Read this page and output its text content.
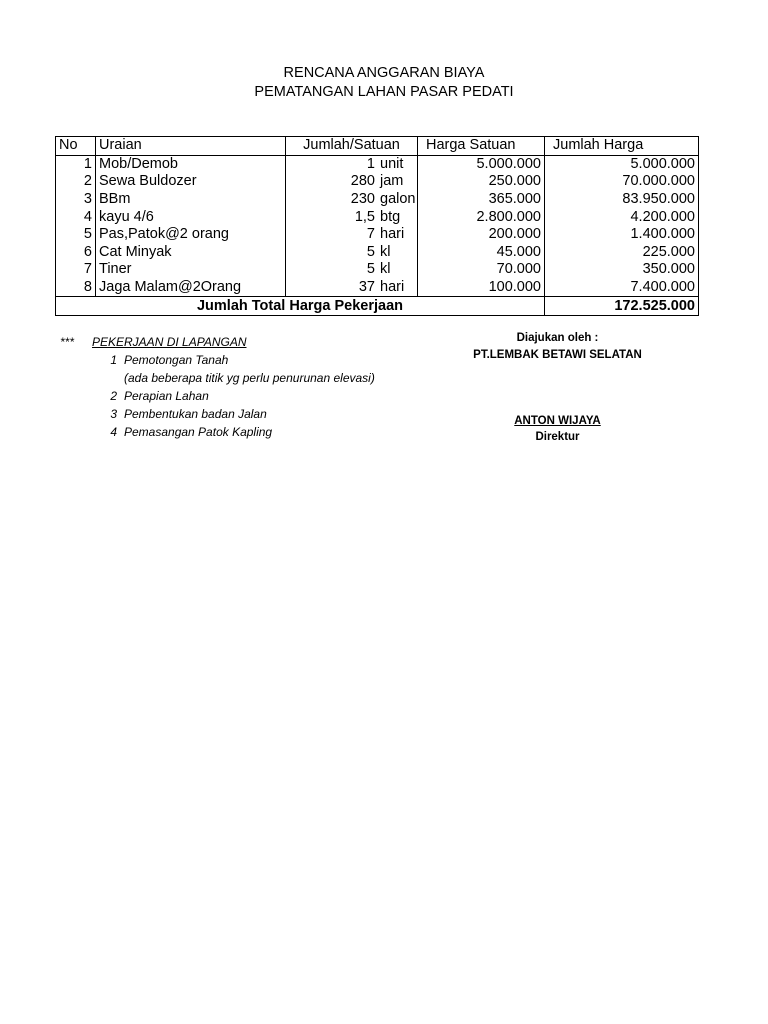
RENCANA ANGGARAN BIAYA
PEMATANGAN LAHAN PASAR PEDATI
No	Uraian	Jumlah/Satuan	Harga Satuan	Jumlah Harga
1	Mob/Demob	1 unit	5.000.000	5.000.000
2	Sewa Buldozer	280 jam	250.000	70.000.000
3	BBm	230 galon	365.000	83.950.000
4	kayu 4/6	1,5 btg	2.800.000	4.200.000
5	Pas,Patok@2 orang	7 hari	200.000	1.400.000
6	Cat Minyak	5 kl	45.000	225.000
7	Tiner	5 kl	70.000	350.000
8	Jaga Malam@2Orang	37 hari	100.000	7.400.000
Jumlah Total Harga Pekerjaan				172.525.000
***	PEKERJAAN DI LAPANGAN
1 Pemotongan Tanah
(ada beberapa titik yg perlu penurunan elevasi)
2 Perapian Lahan
3 Pembentukan badan Jalan
4 Pemasangan Patok Kapling
Diajukan oleh :
PT.LEMBAK BETAWI SELATAN
ANTON WIJAYA
Direktur
